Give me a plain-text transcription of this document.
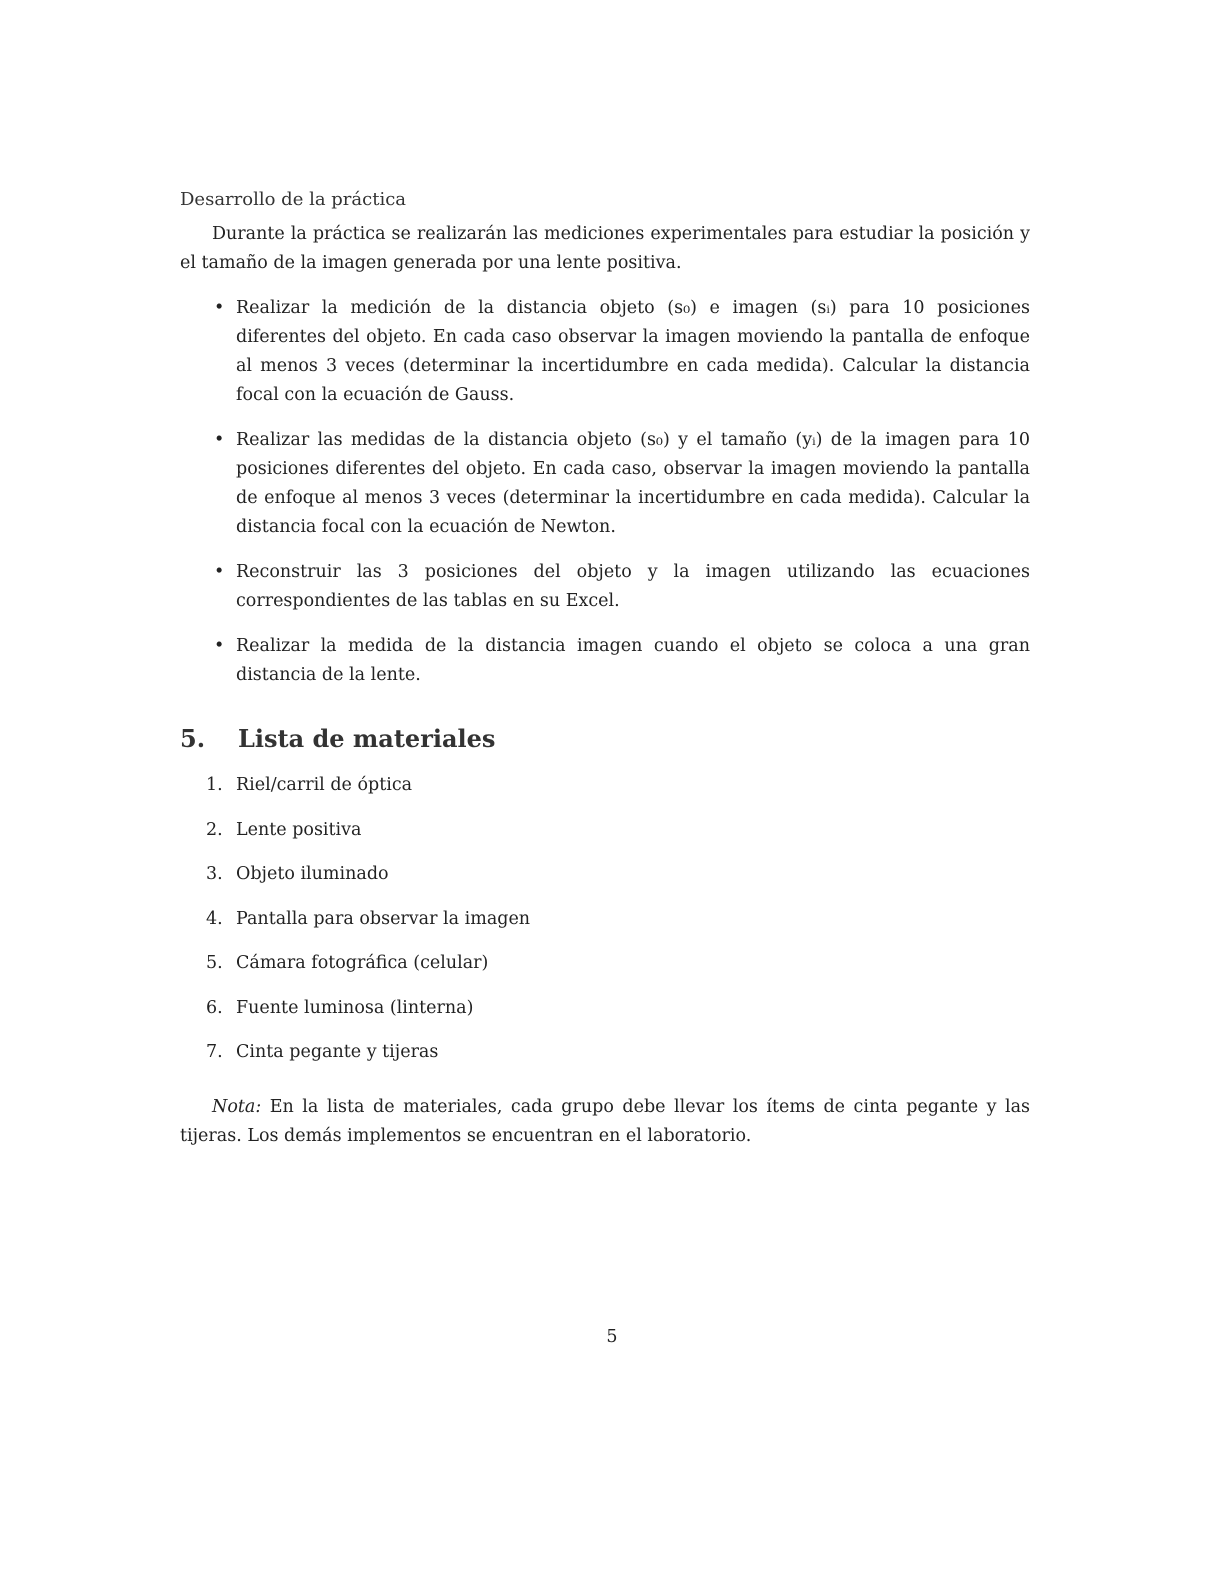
Desarrollo de la práctica

Durante la práctica se realizarán las mediciones experimentales para estudiar la posición y el tamaño de la imagen generada por una lente positiva.

• Realizar la medición de la distancia objeto (s₀) e imagen (sᵢ) para 10 posiciones diferentes del objeto. En cada caso observar la imagen moviendo la pantalla de enfoque al menos 3 veces (determinar la incertidumbre en cada medida). Calcular la distancia focal con la ecuación de Gauss.
• Realizar las medidas de la distancia objeto (s₀) y el tamaño (yᵢ) de la imagen para 10 posiciones diferentes del objeto. En cada caso, observar la imagen moviendo la pantalla de enfoque al menos 3 veces (determinar la incertidumbre en cada medida). Calcular la distancia focal con la ecuación de Newton.
• Reconstruir las 3 posiciones del objeto y la imagen utilizando las ecuaciones correspondientes de las tablas en su Excel.
• Realizar la medida de la distancia imagen cuando el objeto se coloca a una gran distancia de la lente.
5.	Lista de materiales
1. Riel/carril de óptica
2. Lente positiva
3. Objeto iluminado
4. Pantalla para observar la imagen
5. Cámara fotográfica (celular)
6. Fuente luminosa (linterna)
7. Cinta pegante y tijeras

Nota: En la lista de materiales, cada grupo debe llevar los ítems de cinta pegante y las tijeras. Los demás implementos se encuentran en el laboratorio.

5
